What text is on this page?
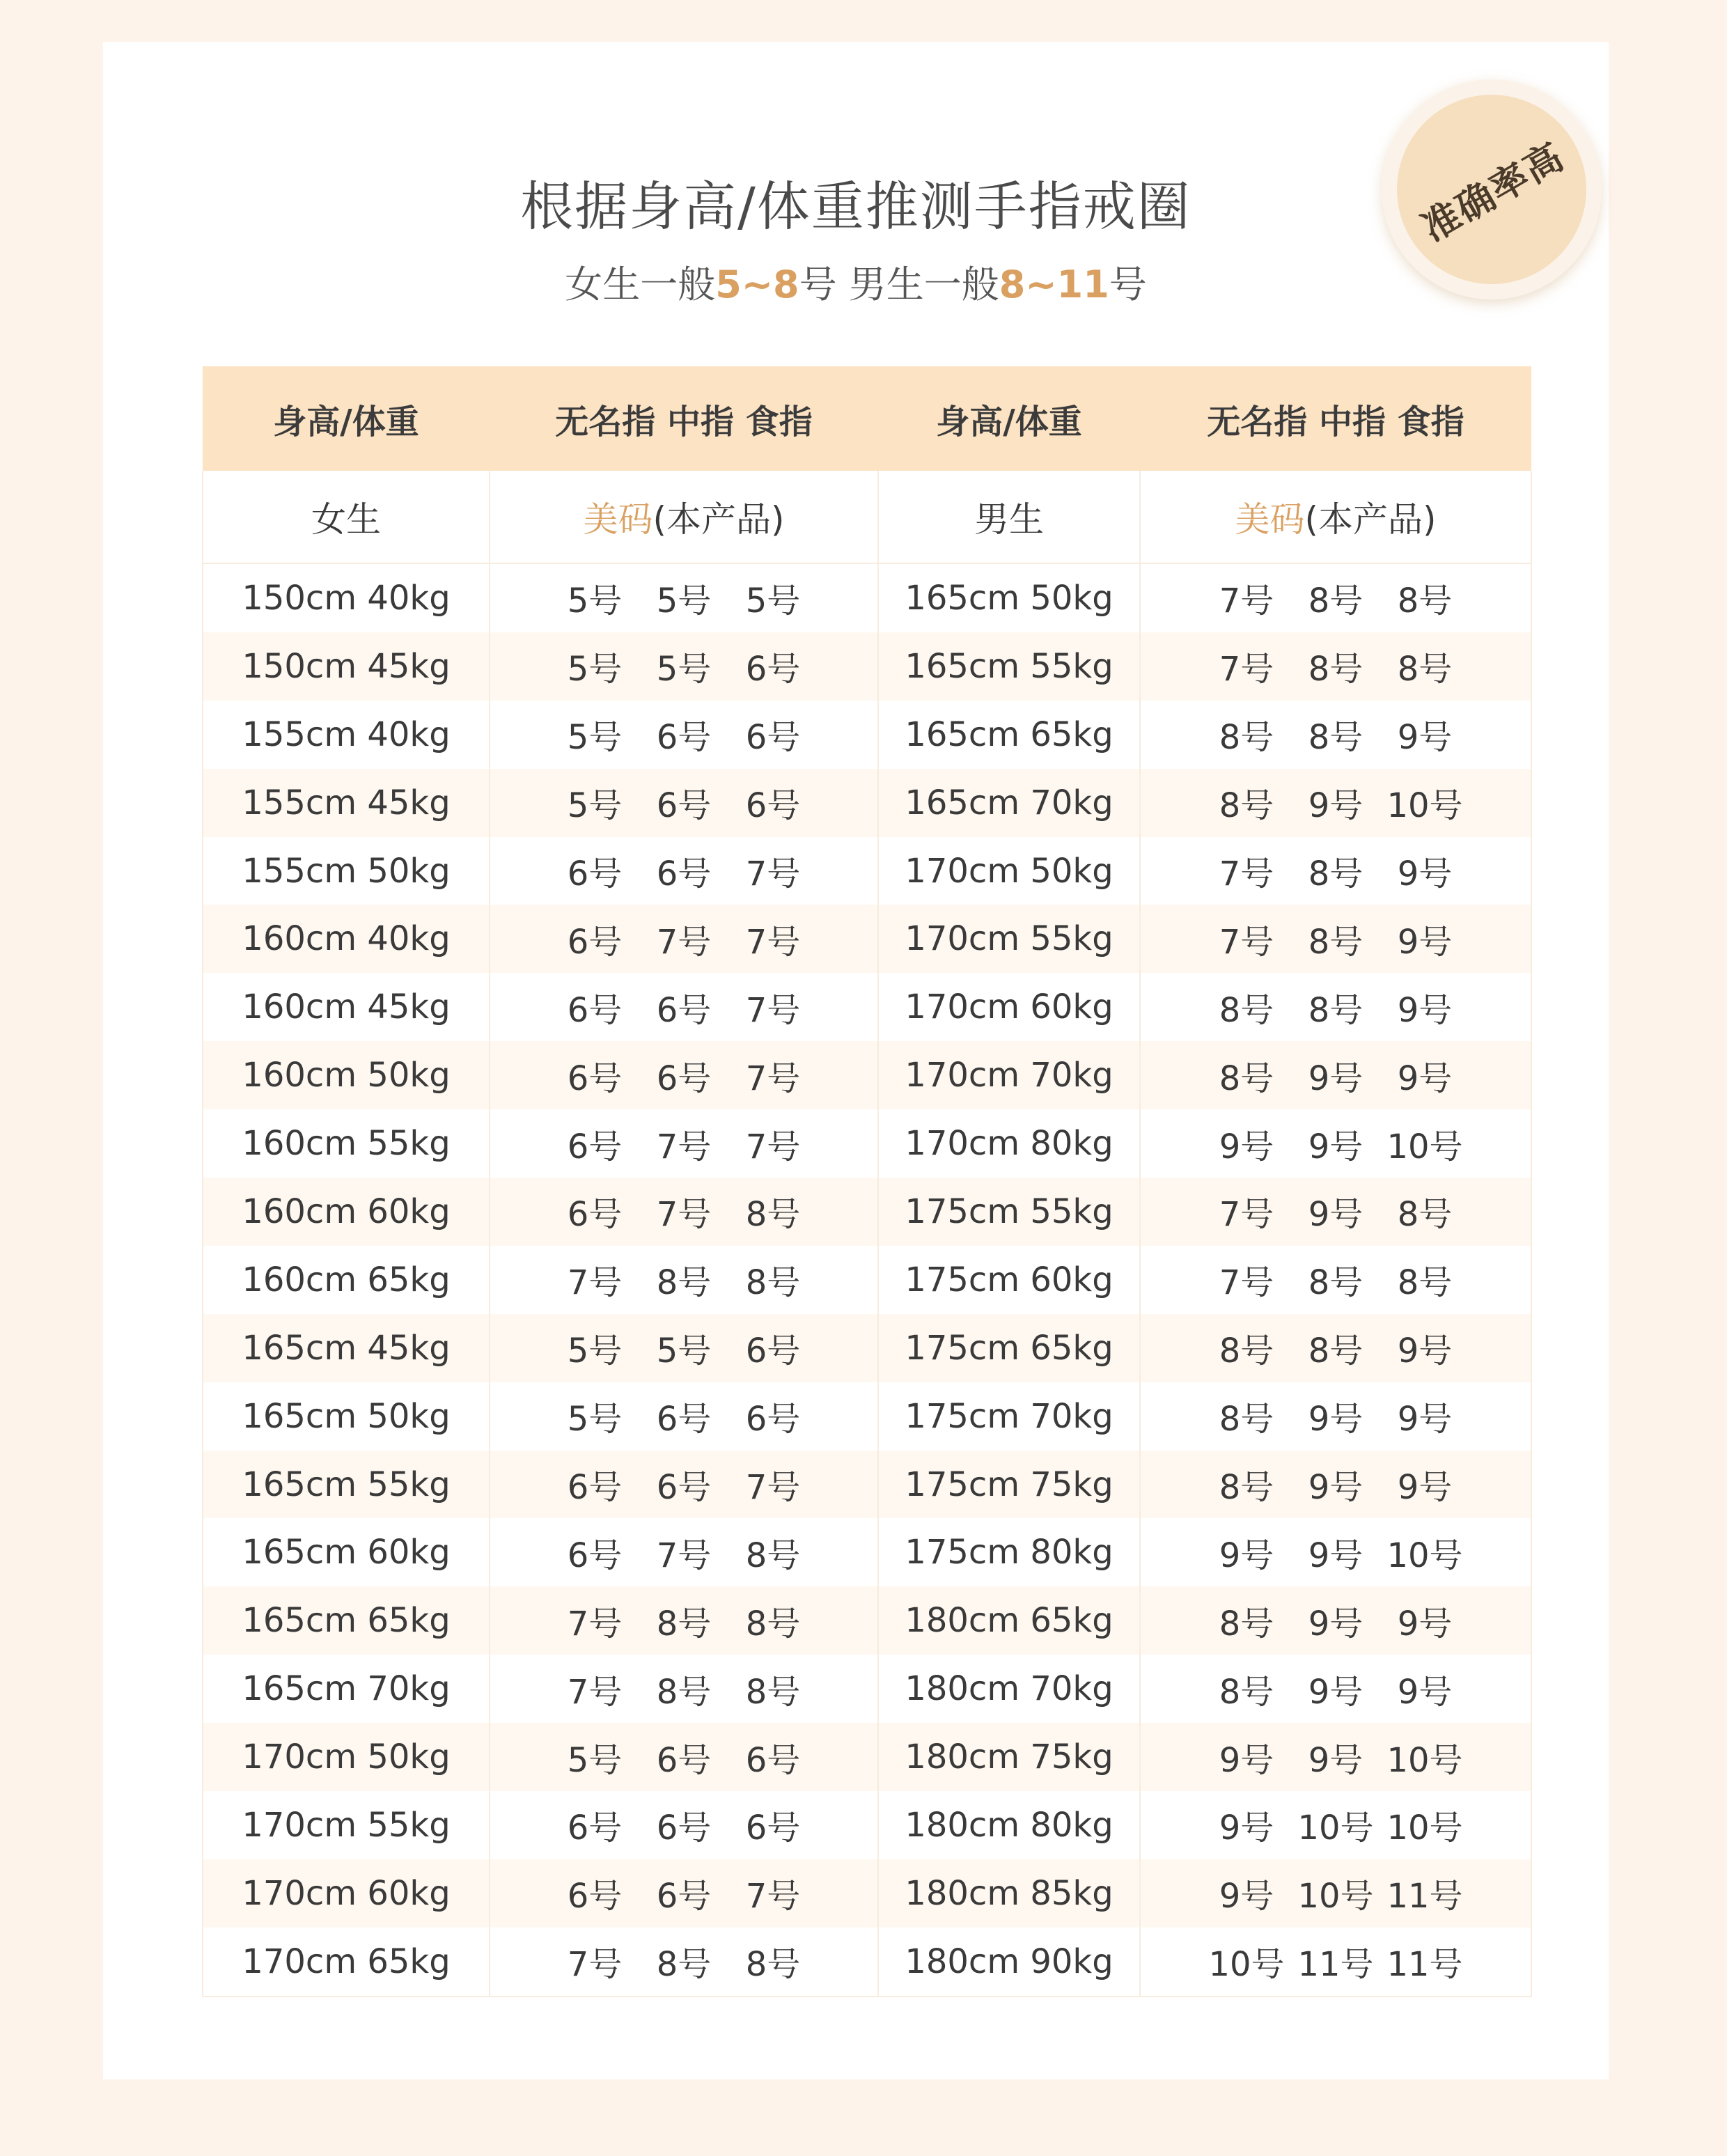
准确率高
根据身高/体重推测手指戒圈
女生一般5~8号 男生一般8~11号
身高/体重	无名指 中指 食指	身高/体重	无名指 中指 食指
女生	美码(本产品)	男生	美码(本产品)
150cm 40kg	5号 5号 5号	165cm 50kg	7号 8号 8号
150cm 45kg	5号 5号 6号	165cm 55kg	7号 8号 8号
155cm 40kg	5号 6号 6号	165cm 65kg	8号 8号 9号
155cm 45kg	5号 6号 6号	165cm 70kg	8号 9号 10号
155cm 50kg	6号 6号 7号	170cm 50kg	7号 8号 9号
160cm 40kg	6号 7号 7号	170cm 55kg	7号 8号 9号
160cm 45kg	6号 6号 7号	170cm 60kg	8号 8号 9号
160cm 50kg	6号 6号 7号	170cm 70kg	8号 9号 9号
160cm 55kg	6号 7号 7号	170cm 80kg	9号 9号 10号
160cm 60kg	6号 7号 8号	175cm 55kg	7号 9号 8号
160cm 65kg	7号 8号 8号	175cm 60kg	7号 8号 8号
165cm 45kg	5号 5号 6号	175cm 65kg	8号 8号 9号
165cm 50kg	5号 6号 6号	175cm 70kg	8号 9号 9号
165cm 55kg	6号 6号 7号	175cm 75kg	8号 9号 9号
165cm 60kg	6号 7号 8号	175cm 80kg	9号 9号 10号
165cm 65kg	7号 8号 8号	180cm 65kg	8号 9号 9号
165cm 70kg	7号 8号 8号	180cm 70kg	8号 9号 9号
170cm 50kg	5号 6号 6号	180cm 75kg	9号 9号 10号
170cm 55kg	6号 6号 6号	180cm 80kg	9号 10号 10号
170cm 60kg	6号 6号 7号	180cm 85kg	9号 10号 11号
170cm 65kg	7号 8号 8号	180cm 90kg	10号 11号 11号
